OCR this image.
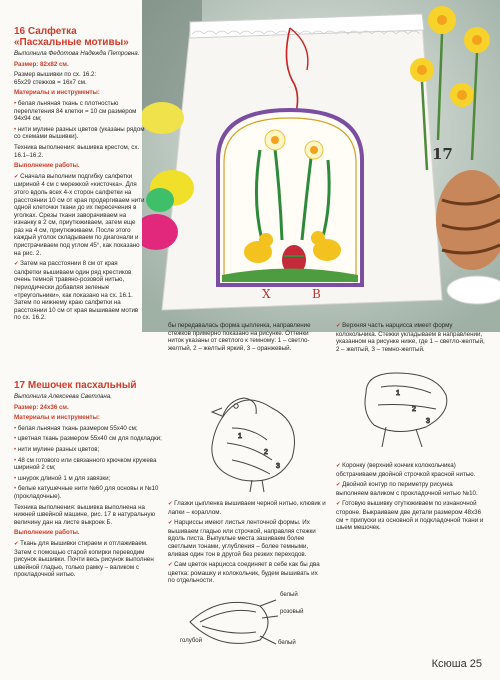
Х	В
17
16 Салфетка
«Пасхальные мотивы»

Выполнила Федотова Надежда Петровна.

Размер: 82х82 см.

Размер вышивки по сх. 16.2:
65х29 стежков = 16х7 см.

Материалы и инструменты:

• белая льняная ткань с плотностью переплетения 84 клетки = 10 см размером 94х94 см;

• нити мулине разных цветов (указаны рядом со схемами вышивки).

Техника выполнения: вышивка крестом, сх. 16.1–16.2.

Выполнение работы.

✔ Сначала выполним подгибку салфетки шириной 4 см с мережкой «кисточка». Для этого вдоль всех 4-х сторон салфетки на расстоянии 10 см от края продергиваем нити одной клеточки ткани до их пересечения в уголках. Срезы ткани заворачиваем на изнанку в 2 см, приутюживаем, затем еще раз на 4 см, приутюживаем. После этого каждый уголок складываем по диагонали и пристрачиваем под углом 45°, как показано на рис. 2.

✔ Затем на расстоянии 8 см от края салфетки вышиваем один ряд крестиков очень темной травяно-розовой нитью, периодически добавляя зеленые «треугольники», как показано на сх. 16.1. Затем по нижнему краю салфетки на расстоянии 10 см от края вышиваем мотив по сх. 16.2.

17 Мешочек пасхальный

Выполнила Алексеева Светлана.

Размер: 24х36 см.

Материалы и инструменты:

• белая льняная ткань размером 55х40 см;

• цветная ткань размером 55х40 см для подкладки;

• нити мулине разных цветов;

• 48 см готового или связанного крючком кружева шириной 2 см;

• шнурок длиной 1 м для завязки;

• белые катушечные нити №60 для основы и №10 (прокладочные).

Техника выполнения: вышивка выполнена на нижней швейной машине, рис. 17 в натуральную величину дан на листе выкроек Б.

Выполнение работы.

✔ Ткань для вышивки стираем и отглаживаем. Затем с помощью старой копирки переводим рисунок вышивки. Почти весь рисунок выполнен швейной гладью, только рамку – валиком с прокладочной нитью.

бы передавалась форма цыпленка, направление стежков примерно показано на рисунке. Оттенки ниток указаны от светлого к темному: 1 – светло-желтый, 2 – желтый яркий, 3 – оранжевый.

1
2
3

✔ Глазки цыпленка вышиваем черной нитью, клювик и лапки – кораллом.

✔ Нарциссы имеют листья ленточной формы. Их вышиваем гладью или строчкой, направляя стежки вдоль листа. Выпуклые места зашиваем более светлыми тонами, углубления – более темными, вливая один тон в другой без резких переходов.

✔ Сам цветок нарцисса соединяет в себе как бы два цветка: ромашку и колокольчик, будем вышивать их по отдельности.

белый
розовый
голубой	белый

✔ Верхняя часть нарцисса имеет форму колокольчика. Стежки укладываем в направлении, указанном на рисунке ниже, где 1 – светло-желтый, 2 – желтый, 3 – темно-желтый.

1
2
3

✔ Коронку (верхний кончик колокольчика) обстрачиваем двойной строчкой красной нитью.

✔ Двойной контур по периметру рисунка выполняем валиком с прокладочной нитью №10.

✔ Готовую вышивку отутюживаем по изнаночной стороне. Выкраиваем две детали размером 48х36 см + припуски из основной и подкладочной ткани и шьем мешочек.

Ксюша 25
